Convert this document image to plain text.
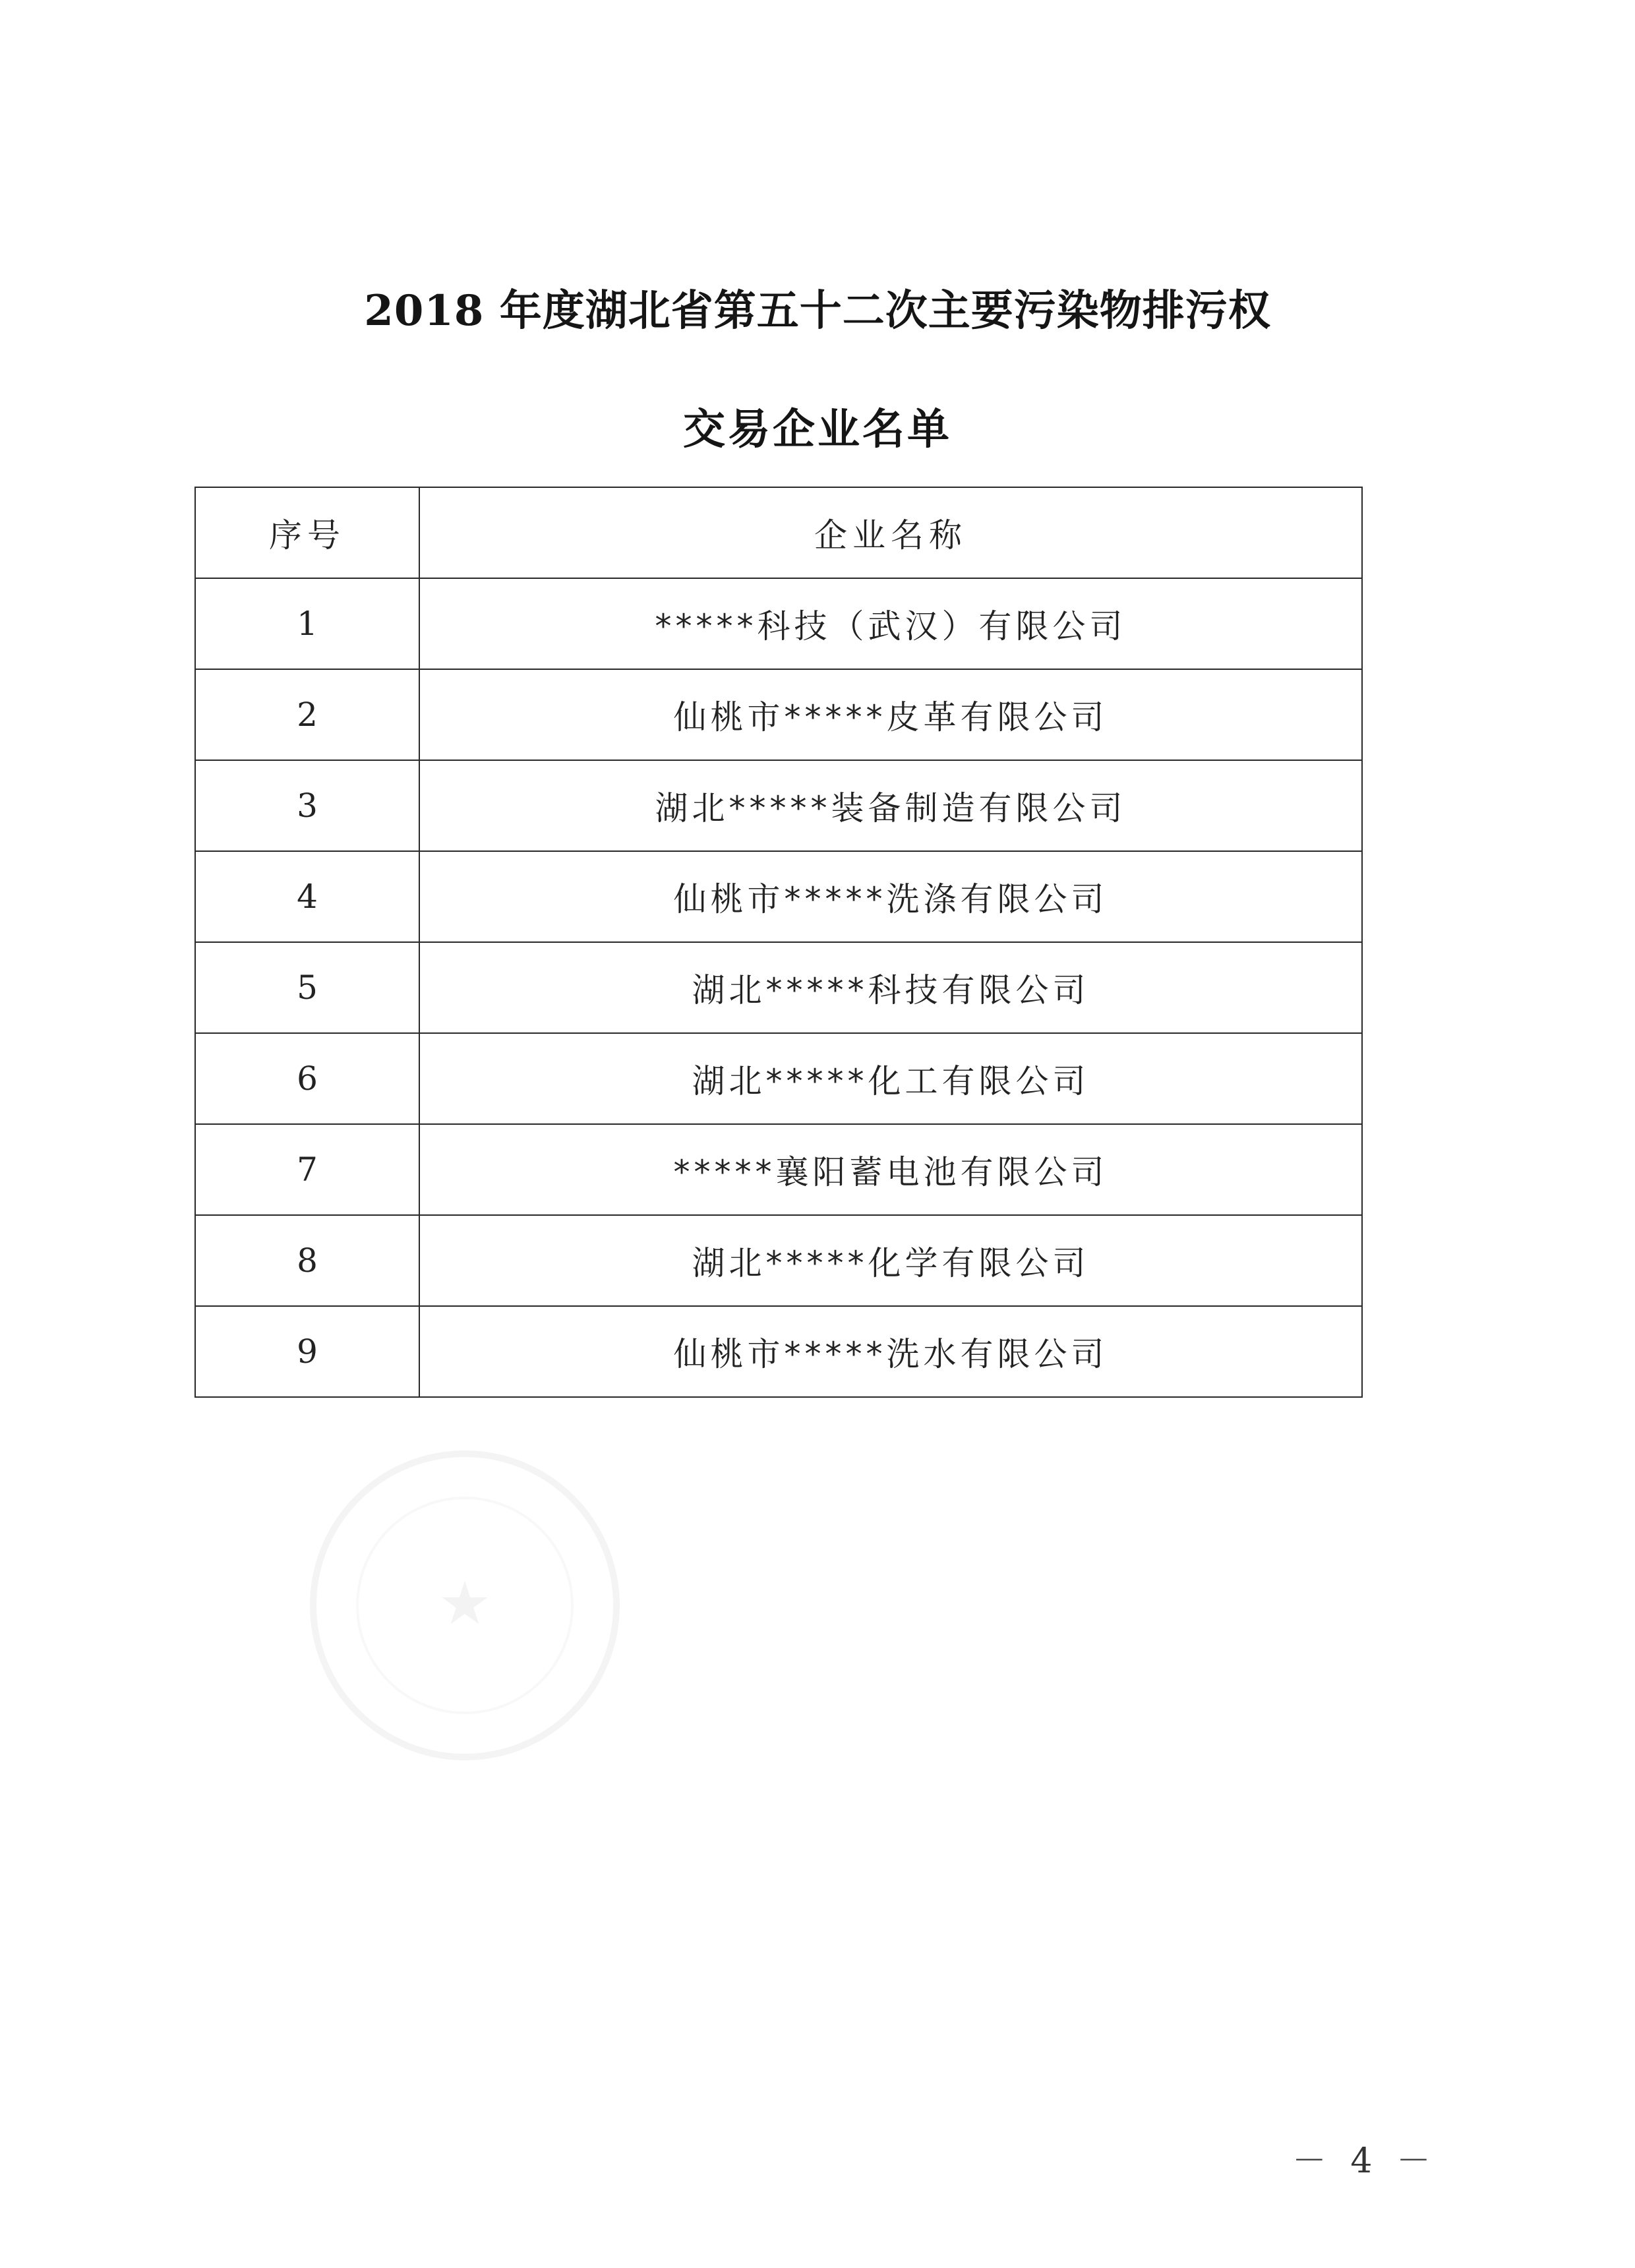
2018 年度湖北省第五十二次主要污染物排污权
交易企业名单
序号	企业名称
1	*****科技（武汉）有限公司
2	仙桃市*****皮革有限公司
3	湖北*****装备制造有限公司
4	仙桃市*****洗涤有限公司
5	湖北*****科技有限公司
6	湖北*****化工有限公司
7	*****襄阳蓄电池有限公司
8	湖北*****化学有限公司
9	仙桃市*****洗水有限公司
★
－ 4 －
